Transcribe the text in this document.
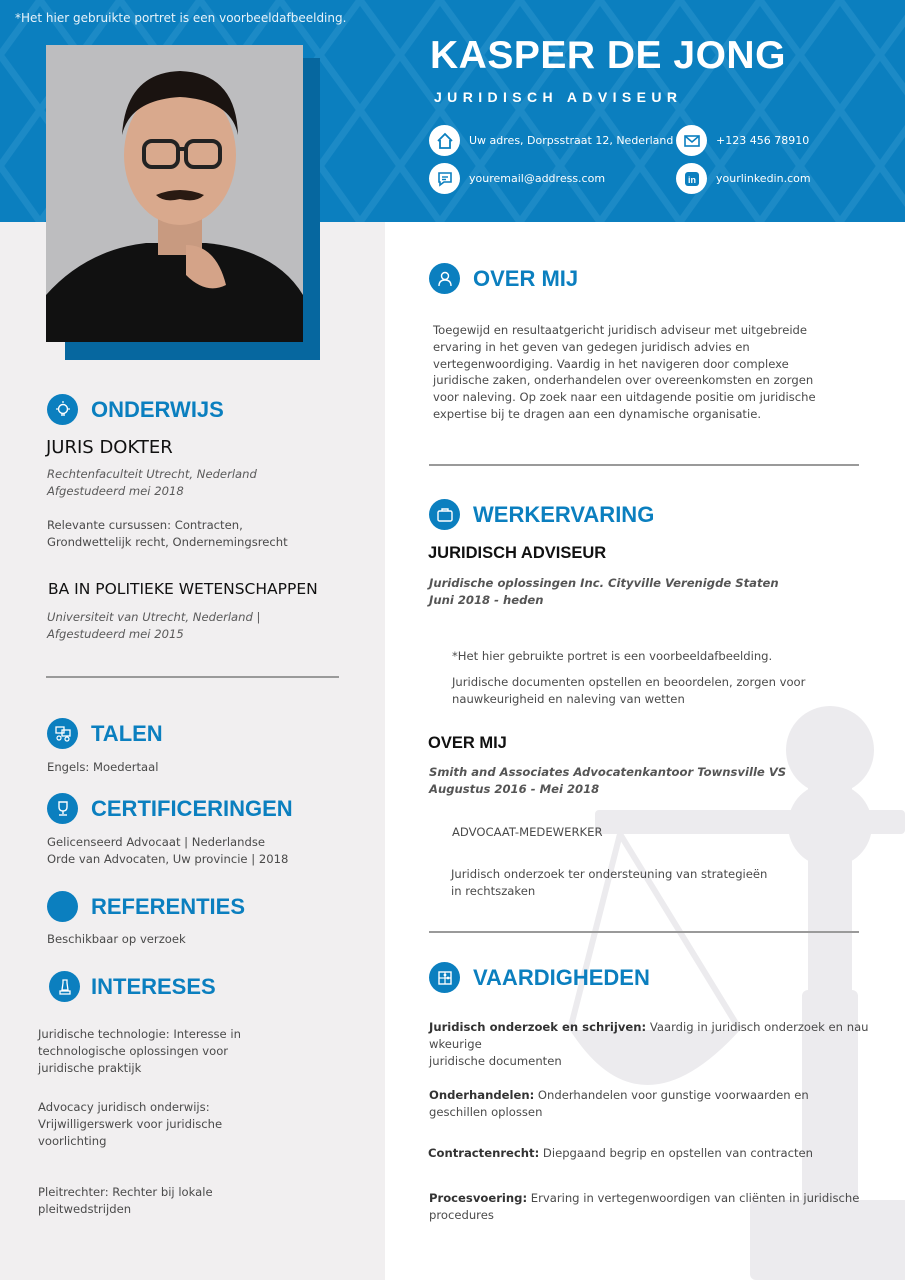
*Het hier gebruikte portret is een voorbeeldafbeelding.
KASPER DE JONG
JURIDISCH ADVISEUR
Uw adres, Dorpsstraat 12, Nederland	+123 456 78910
youremail@address.com	in yourlinkedin.com
ONDERWIJS
JURIS DOKTER
Rechtenfaculteit Utrecht, Nederland
Afgestudeerd mei 2018
Relevante cursussen: Contracten,
Grondwettelijk recht, Ondernemingsrecht
BA IN POLITIEKE WETENSCHAPPEN
Universiteit van Utrecht, Nederland |
Afgestudeerd mei 2015
TALEN
Engels: Moedertaal
CERTIFICERINGEN
Gelicenseerd Advocaat | Nederlandse
Orde van Advocaten, Uw provincie | 2018
REFERENTIES
Beschikbaar op verzoek
INTERESES
Juridische technologie: Interesse in
technologische oplossingen voor
juridische praktijk
Advocacy juridisch onderwijs:
Vrijwilligerswerk voor juridische
voorlichting
Pleitrechter: Rechter bij lokale
pleitwedstrijden
OVER MIJ
Toegewijd en resultaatgericht juridisch adviseur met uitgebreide
ervaring in het geven van gedegen juridisch advies en
vertegenwoordiging. Vaardig in het navigeren door complexe
juridische zaken, onderhandelen over overeenkomsten en zorgen
voor naleving. Op zoek naar een uitdagende positie om juridische
expertise bij te dragen aan een dynamische organisatie.
WERKERVARING
JURIDISCH ADVISEUR
Juridische oplossingen Inc. Cityville Verenigde Staten
Juni 2018 - heden
*Het hier gebruikte portret is een voorbeeldafbeelding.
Juridische documenten opstellen en beoordelen, zorgen voor
nauwkeurigheid en naleving van wetten
OVER MIJ
Smith and Associates Advocatenkantoor Townsville VS
Augustus 2016 - Mei 2018
ADVOCAAT-MEDEWERKER
Juridisch onderzoek ter ondersteuning van strategieën
in rechtszaken
VAARDIGHEDEN
Juridisch onderzoek en schrijven: Vaardig in juridisch onderzoek en nau
wkeurige
juridische documenten
Onderhandelen: Onderhandelen voor gunstige voorwaarden en
geschillen oplossen
Contractenrecht: Diepgaand begrip en opstellen van contracten
Procesvoering: Ervaring in vertegenwoordigen van cliënten in juridische
procedures
